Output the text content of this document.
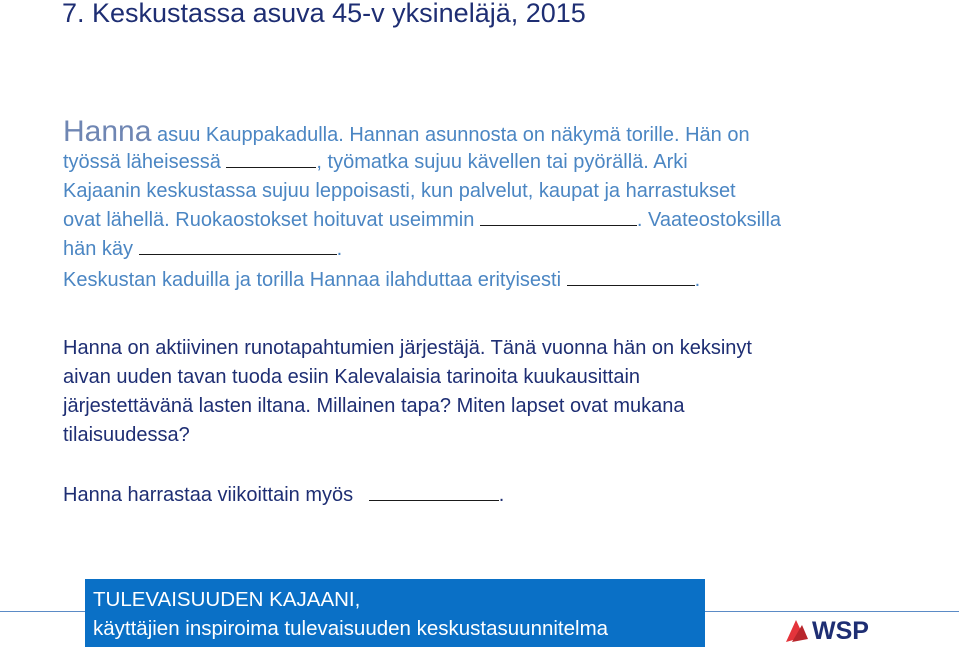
7. Keskustassa asuva 45-v yksineläjä, 2015

Hanna asuu Kauppakadulla. Hannan asunnosta on näkymä torille. Hän on
työssä läheisessä	, työmatka sujuu kävellen tai pyörällä. Arki
Kajaanin keskustassa sujuu leppoisasti, kun palvelut, kaupat ja harrastukset
ovat lähellä. Ruokaostokset hoituvat useimmin	. Vaateostoksilla
hän käy	.

Keskustan kaduilla ja torilla Hannaa ilahduttaa erityisesti	.

Hanna on aktiivinen runotapahtumien järjestäjä. Tänä vuonna hän on keksinyt
aivan uuden tavan tuoda esiin Kalevalaisia tarinoita kuukausittain
järjestettävänä lasten iltana. Millainen tapa? Miten lapset ovat mukana
tilaisuudessa?

Hanna harrastaa viikoittain myös	.

TULEVAISUUDEN KAJAANI,
käyttäjien inspiroima tulevaisuuden keskustasuunnitelma	WSP
